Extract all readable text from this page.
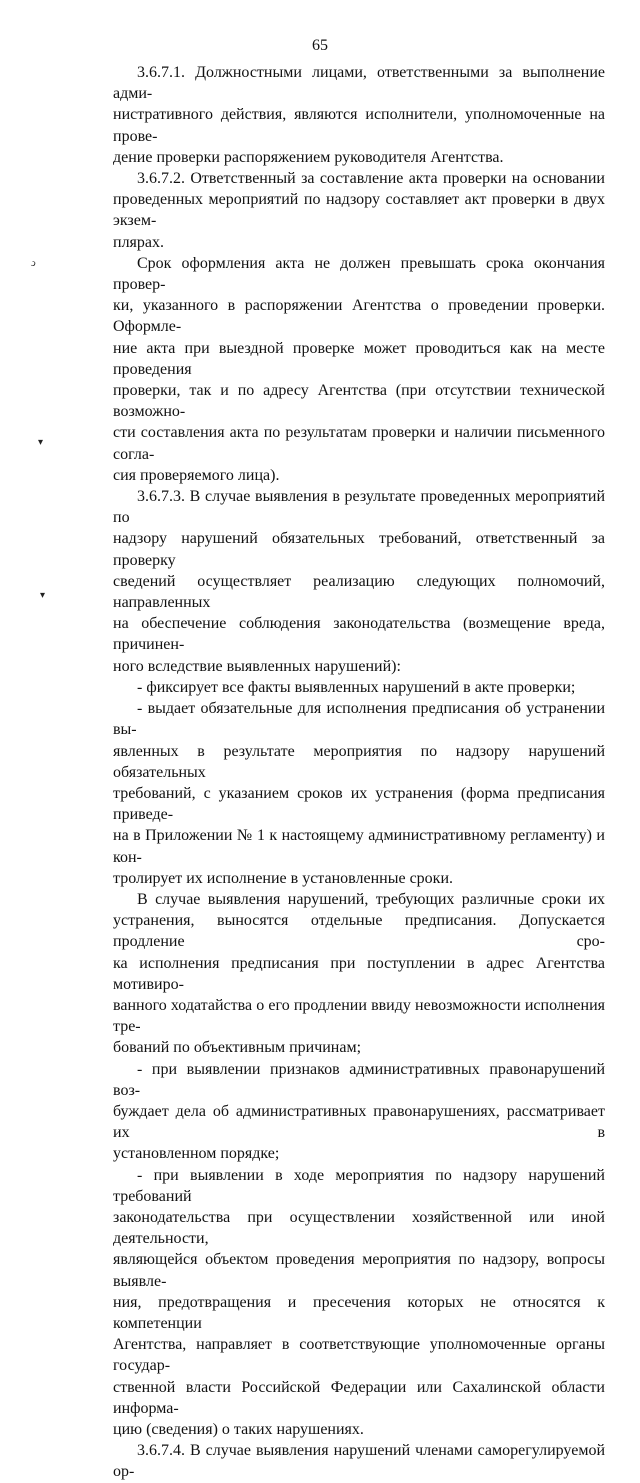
65
ↄ
▾
▾
3.6.7.1. Должностными лицами, ответственными за выполнение адми-
нистративного действия, являются исполнители, уполномоченные на прове-
дение проверки распоряжением руководителя Агентства.
3.6.7.2. Ответственный за составление акта проверки на основании
проведенных мероприятий по надзору составляет акт проверки в двух экзем-
плярах.
Срок оформления акта не должен превышать срока окончания провер-
ки, указанного в распоряжении Агентства о проведении проверки. Оформле-
ние акта при выездной проверке может проводиться как на месте проведения
проверки, так и по адресу Агентства (при отсутствии технической возможно-
сти составления акта по результатам проверки и наличии письменного согла-
сия проверяемого лица).
3.6.7.3. В случае выявления в результате проведенных мероприятий по
надзору нарушений обязательных требований, ответственный за проверку
сведений осуществляет реализацию следующих полномочий, направленных
на обеспечение соблюдения законодательства (возмещение вреда, причинен-
ного вследствие выявленных нарушений):
- фиксирует все факты выявленных нарушений в акте проверки;
- выдает обязательные для исполнения предписания об устранении вы-
явленных в результате мероприятия по надзору нарушений обязательных
требований, с указанием сроков их устранения (форма предписания приведе-
на в Приложении № 1 к настоящему административному регламенту) и кон-
тролирует их исполнение в установленные сроки.
В случае выявления нарушений, требующих различные сроки их
устранения, выносятся отдельные предписания. Допускается продление сро-
ка исполнения предписания при поступлении в адрес Агентства мотивиро-
ванного ходатайства о его продлении ввиду невозможности исполнения тре-
бований по объективным причинам;
- при выявлении признаков административных правонарушений воз-
буждает дела об административных правонарушениях, рассматривает их в
установленном порядке;
- при выявлении в ходе мероприятия по надзору нарушений требований
законодательства при осуществлении хозяйственной или иной деятельности,
являющейся объектом проведения мероприятия по надзору, вопросы выявле-
ния, предотвращения и пресечения которых не относятся к компетенции
Агентства, направляет в соответствующие уполномоченные органы государ-
ственной власти Российской Федерации или Сахалинской области информа-
цию (сведения) о таких нарушениях.
3.6.7.4. В случае выявления нарушений членами саморегулируемой ор-
